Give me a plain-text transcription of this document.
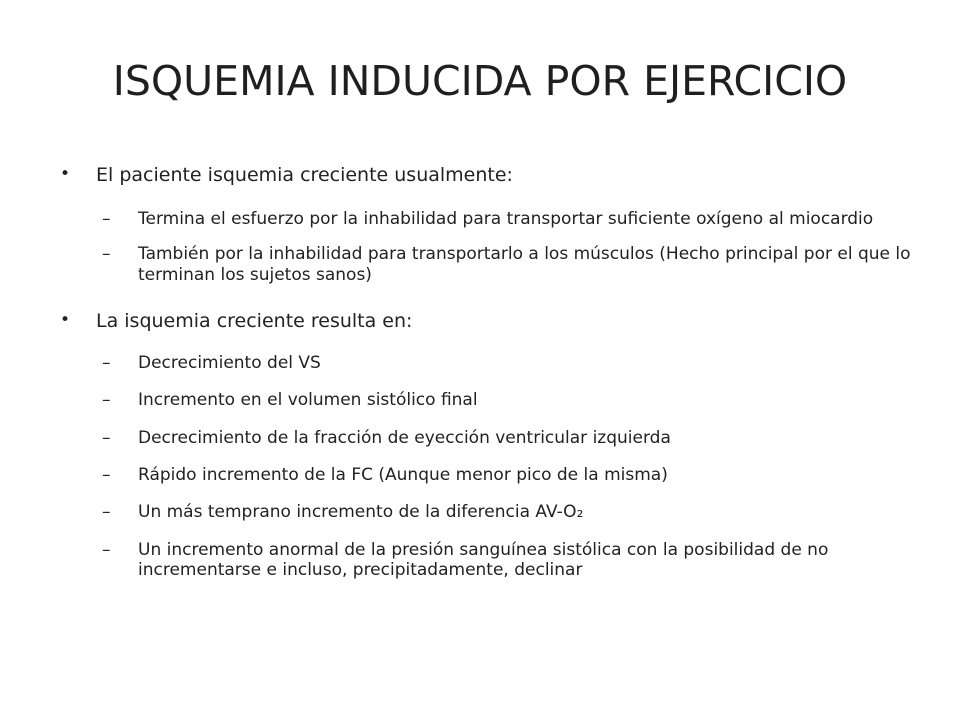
ISQUEMIA INDUCIDA POR EJERCICIO

• El paciente isquemia creciente usualmente:

– Termina el esfuerzo por la inhabilidad para transportar suficiente oxígeno al miocardio

– También por la inhabilidad para transportarlo a los músculos (Hecho principal por el que lo terminan los sujetos sanos)

• La isquemia creciente resulta en:

– Decrecimiento del VS

– Incremento en el volumen sistólico final

– Decrecimiento de la fracción de eyección ventricular izquierda

– Rápido incremento de la FC (Aunque menor pico de la misma)

– Un más temprano incremento de la diferencia AV-O₂

– Un incremento anormal de la presión sanguínea sistólica con la posibilidad de no incrementarse e incluso, precipitadamente, declinar
